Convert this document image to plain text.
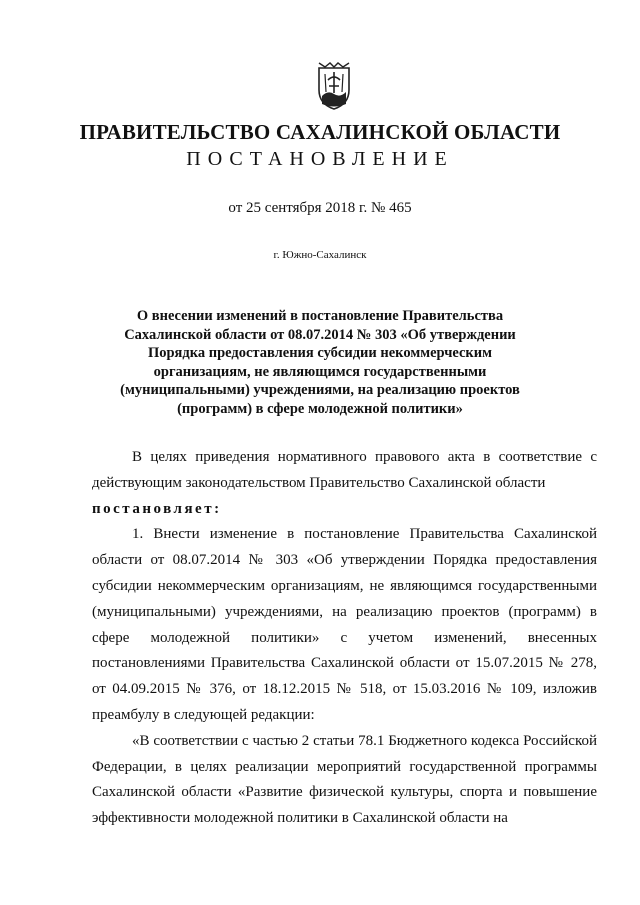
ПРАВИТЕЛЬСТВО САХАЛИНСКОЙ ОБЛАСТИ
ПОСТАНОВЛЕНИЕ
от 25 сентября 2018 г. № 465
г. Южно-Сахалинск
О внесении изменений в постановление Правительства Сахалинской области от 08.07.2014 № 303 «Об утверждении Порядка предоставления субсидии некоммерческим организациям, не являющимся государственными (муниципальными) учреждениями, на реализацию проектов (программ) в сфере молодежной политики»

В целях приведения нормативного правового акта в соответствие с действующим законодательством Правительство Сахалинской области

постановляет:

1. Внести изменение в постановление Правительства Сахалинской области от 08.07.2014 № 303 «Об утверждении Порядка предоставления субсидии некоммерческим организациям, не являющимся государственными (муниципальными) учреждениями, на реализацию проектов (программ) в сфере молодежной политики» с учетом изменений, внесенных постановлениями Правительства Сахалинской области от 15.07.2015 № 278, от 04.09.2015 № 376, от 18.12.2015 № 518, от 15.03.2016 № 109, изложив преамбулу в следующей редакции:

«В соответствии с частью 2 статьи 78.1 Бюджетного кодекса Российской Федерации, в целях реализации мероприятий государственной программы Сахалинской области «Развитие физической культуры, спорта и повышение эффективности молодежной политики в Сахалинской области на
